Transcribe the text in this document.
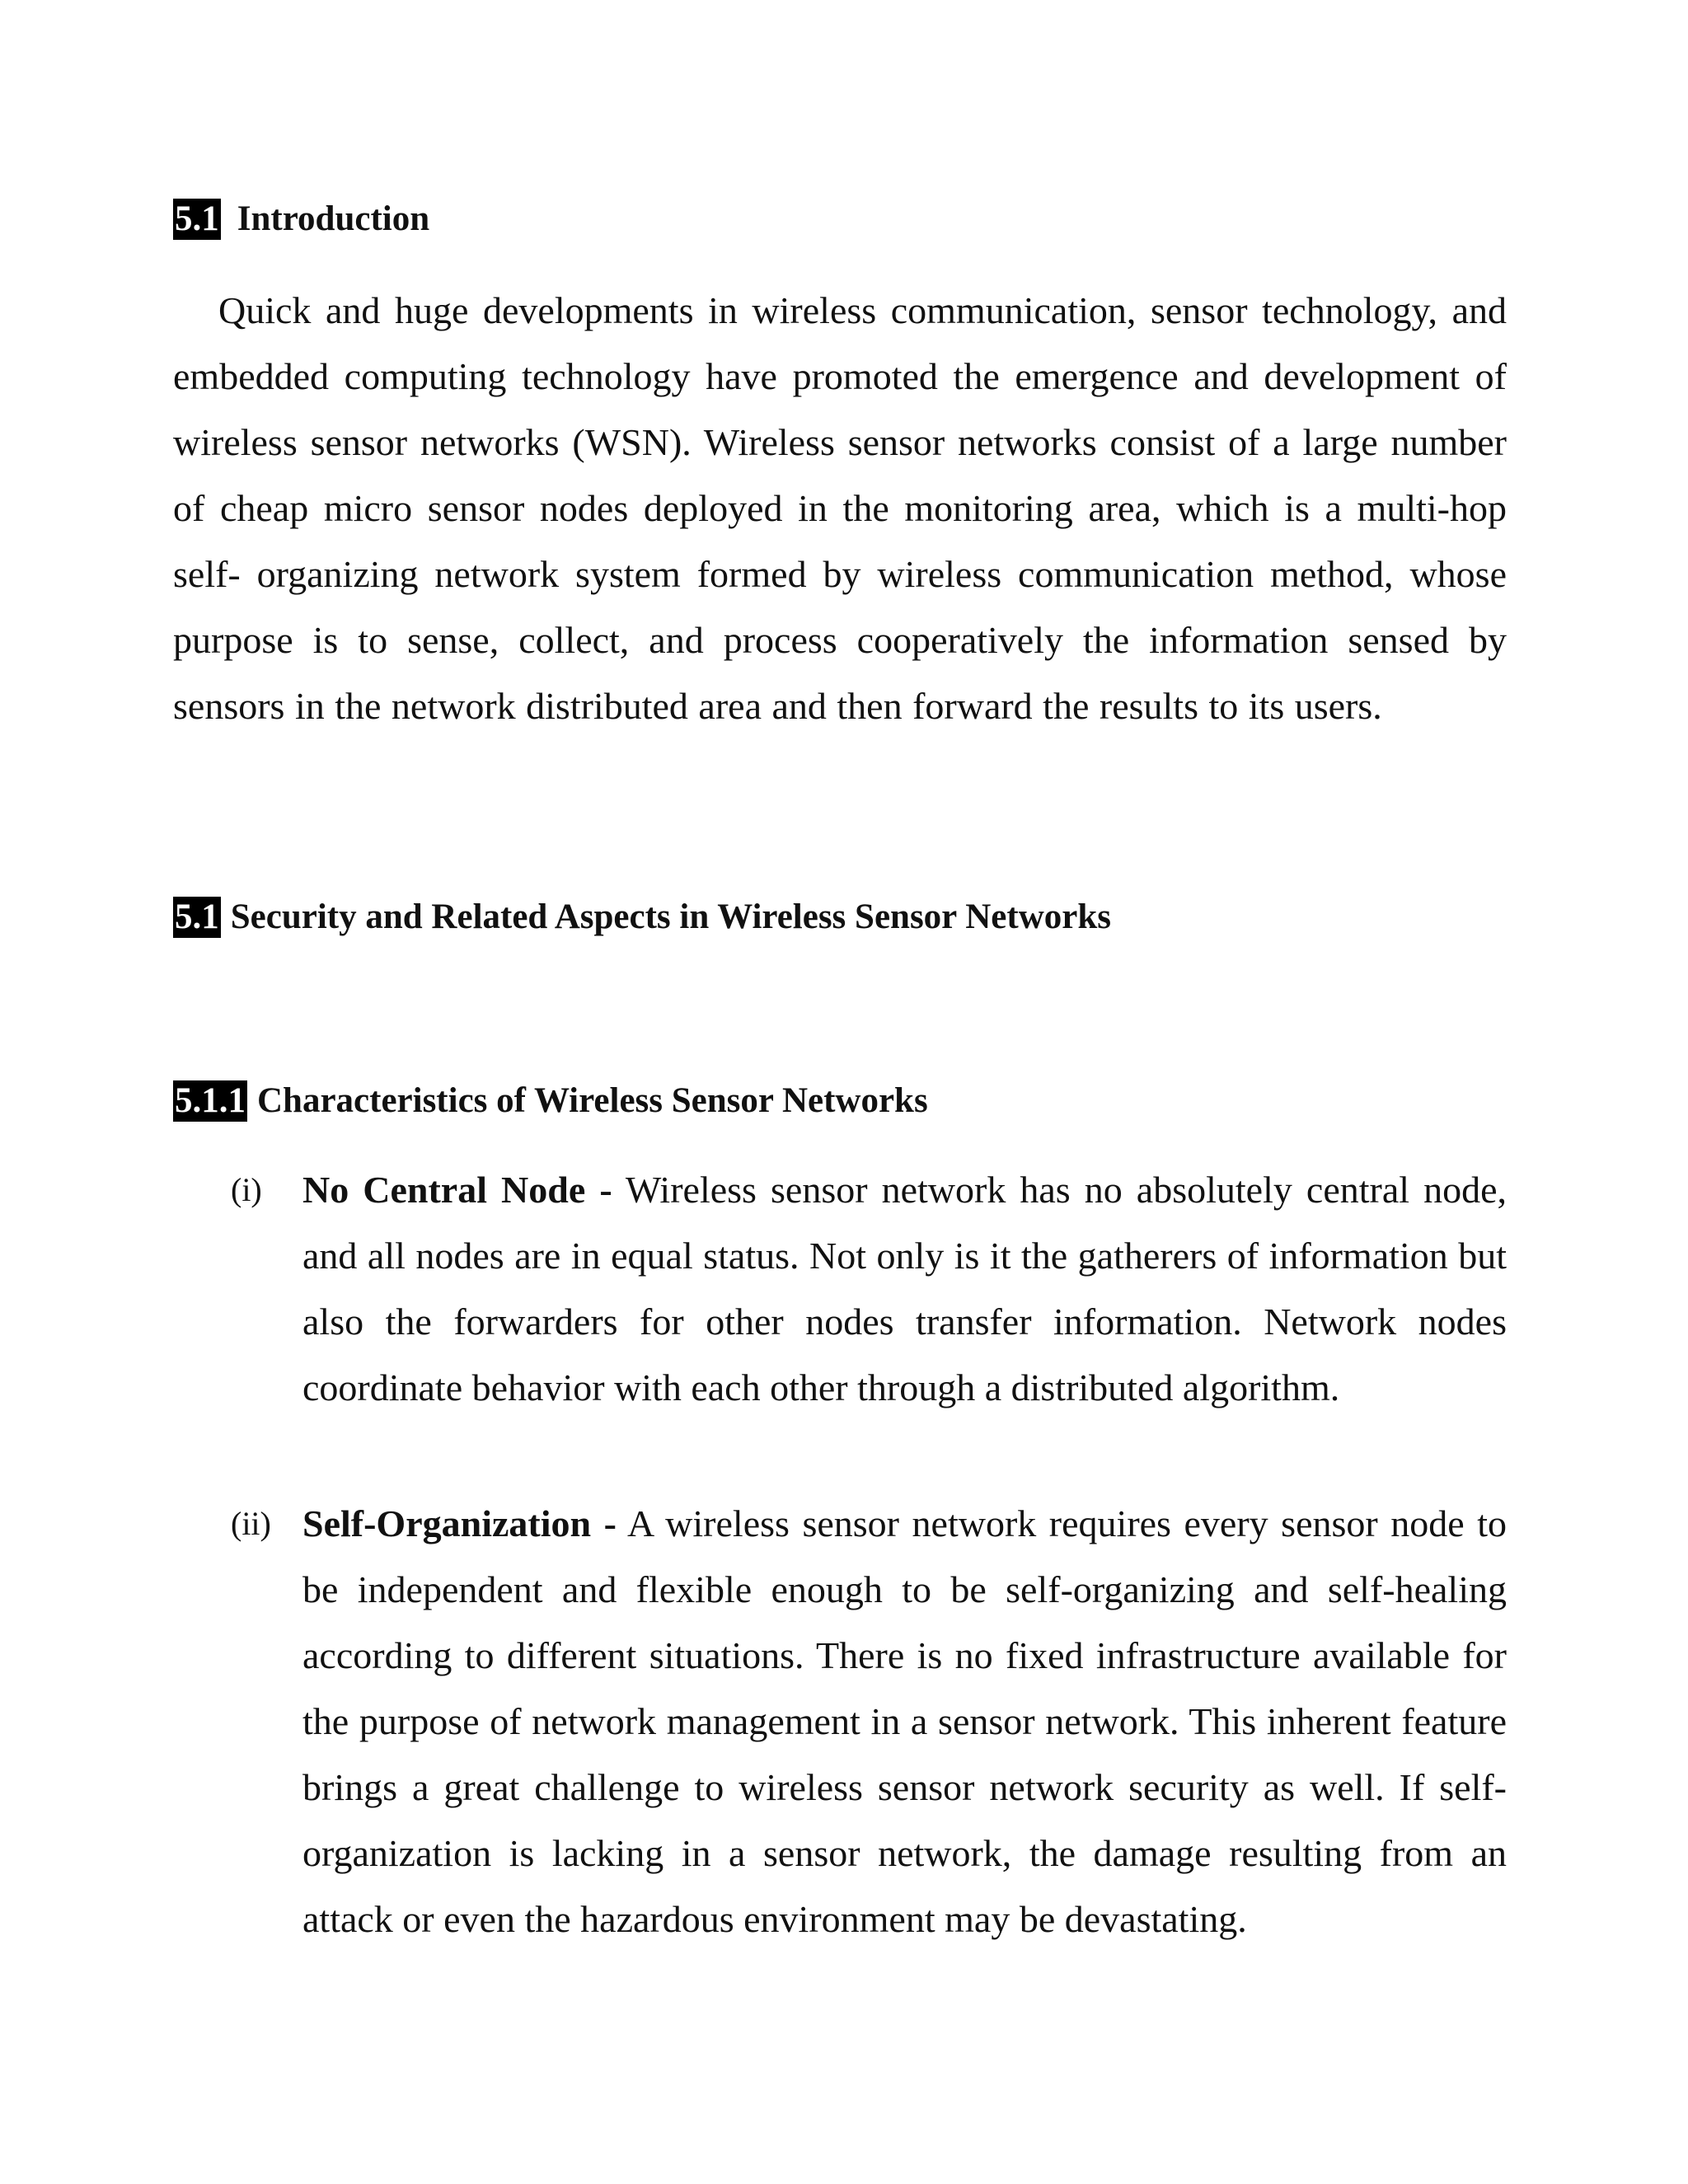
5.1 Introduction

Quick and huge developments in wireless communication, sensor technology, and embedded computing technology have promoted the emergence and development of wireless sensor networks (WSN). Wireless sensor networks consist of a large number of cheap micro sensor nodes deployed in the monitoring area, which is a multi-hop self- organizing network system formed by wireless communication method, whose purpose is to sense, collect, and process cooperatively the information sensed by sensors in the network distributed area and then forward the results to its users.

5.1 Security and Related Aspects in Wireless Sensor Networks
5.1.1 Characteristics of Wireless Sensor Networks
(i) No Central Node - Wireless sensor network has no absolutely central node, and all nodes are in equal status. Not only is it the gatherers of information but also the forwarders for other nodes transfer information. Network nodes coordinate behavior with each other through a distributed algorithm.
(ii) Self-Organization - A wireless sensor network requires every sensor node to be independent and flexible enough to be self-organizing and self-healing according to different situations. There is no fixed infrastructure available for the purpose of network management in a sensor network. This inherent feature brings a great challenge to wireless sensor network security as well. If self-organization is lacking in a sensor network, the damage resulting from an attack or even the hazardous environment may be devastating.
